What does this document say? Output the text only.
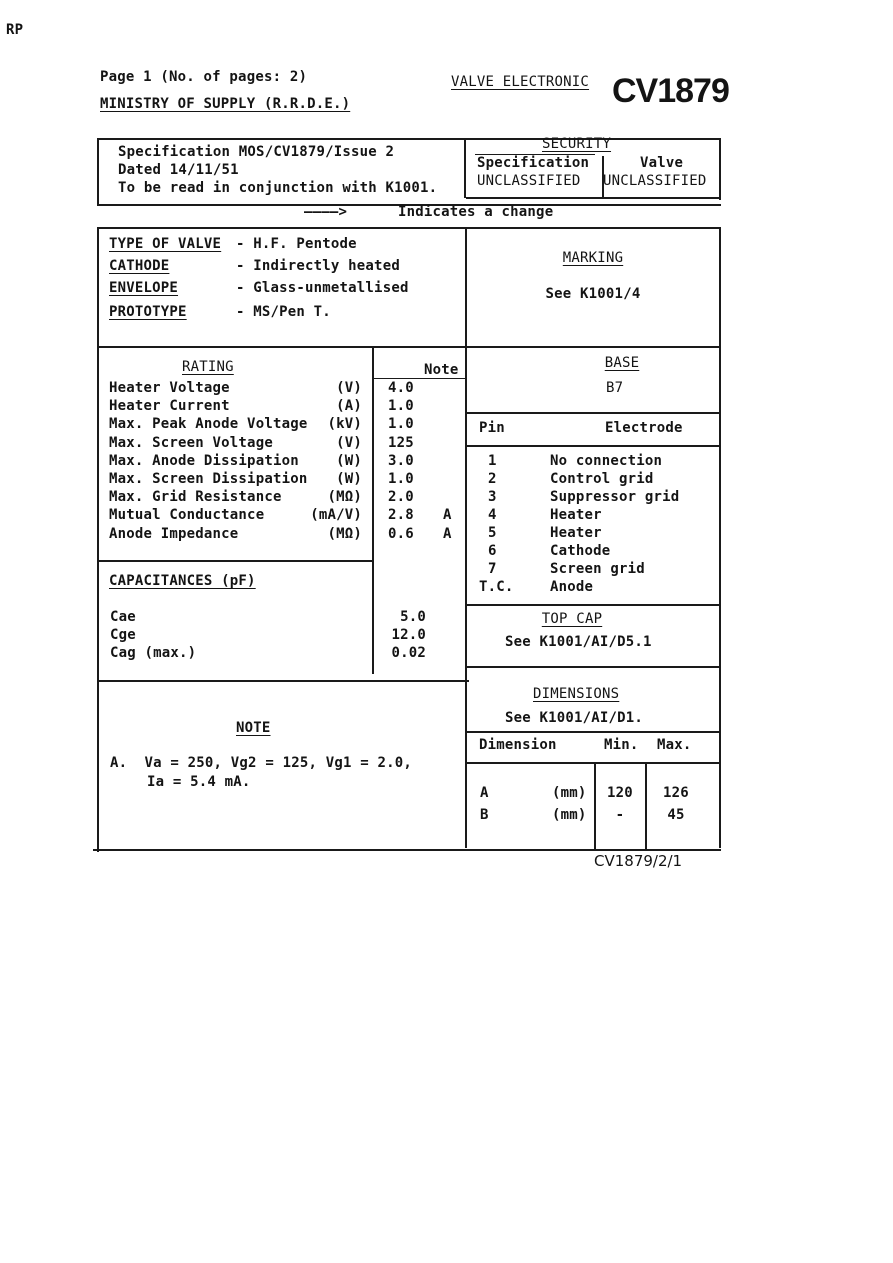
RP
Page 1 (No. of pages: 2)
MINISTRY OF SUPPLY (R.R.D.E.)
VALVE ELECTRONIC CV1879
Specification MOS/CV1879/Issue 2
Dated 14/11/51
To be read in conjunction with K1001.
SECURITY
Specification	Valve
UNCLASSIFIED UNCLASSIFIED
————>	Indicates a change
TYPE OF VALVE - H.F. Pentode
CATHODE	- Indirectly heated
ENVELOPE	- Glass-unmetallised
PROTOTYPE	- MS/Pen T.
MARKING
See K1001/4
RATING	Note
Heater Voltage	(V) 4.0
Heater Current	(A) 1.0
Max. Peak Anode Voltage	(kV) 1.0
Max. Screen Voltage	(V) 125
Max. Anode Dissipation	(W) 3.0
Max. Screen Dissipation	(W) 1.0
Max. Grid Resistance	(MΩ) 2.0
Mutual Conductance	(mA/V) 2.8 A
Anode Impedance	(MΩ) 0.6 A
CAPACITANCES (pF)
Cae	5.0
Cge	12.0
Cag (max.)	0.02
BASE
B7
Pin	Electrode
1	No connection
2	Control grid
3	Suppressor grid
4	Heater
5	Heater
6	Cathode
7	Screen grid
T.C.	Anode
TOP CAP
See K1001/AI/D5.1
DIMENSIONS
See K1001/AI/D1.
Dimension	Min. Max.
A	(mm)	120	126
B	(mm)	-	45
NOTE
A.  Va = 250, Vg2 = 125, Vg1 = 2.0,
Ia = 5.4 mA.
CV1879/2/1
